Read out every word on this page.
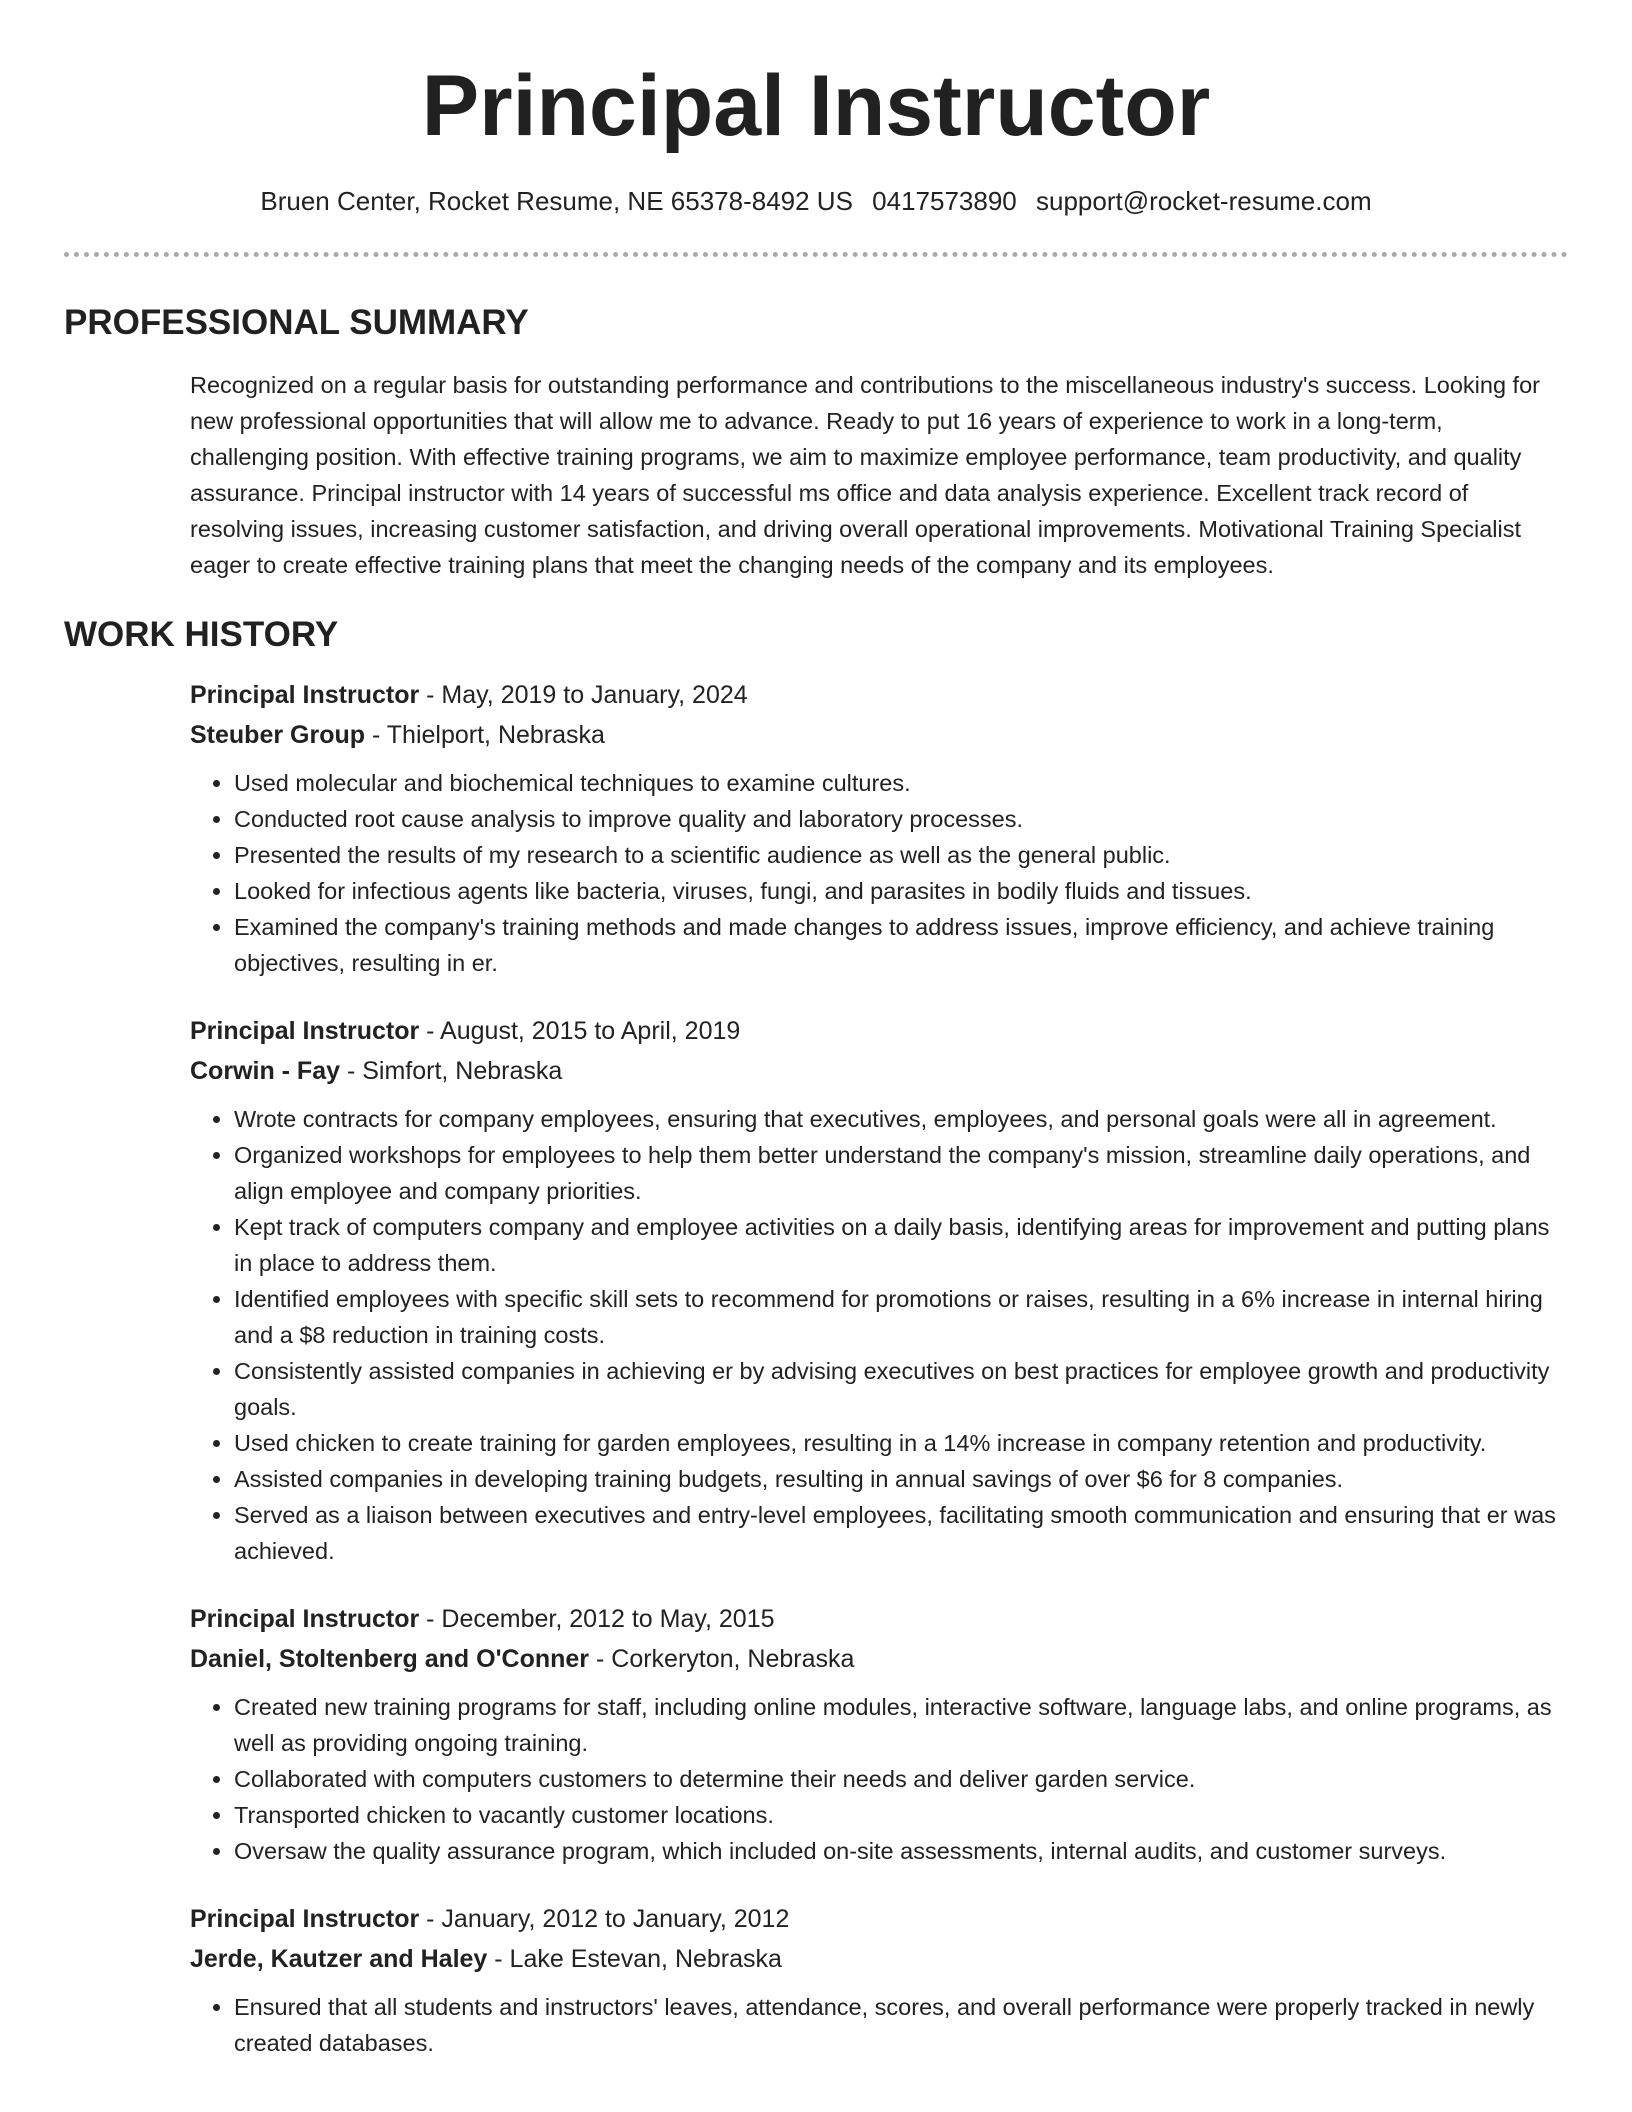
Principal Instructor
Bruen Center, Rocket Resume, NE 65378-8492 US 0417573890 support@rocket-resume.com
PROFESSIONAL SUMMARY

Recognized on a regular basis for outstanding performance and contributions to the miscellaneous industry's success. Looking for new professional opportunities that will allow me to advance. Ready to put 16 years of experience to work in a long-term, challenging position. With effective training programs, we aim to maximize employee performance, team productivity, and quality assurance. Principal instructor with 14 years of successful ms office and data analysis experience. Excellent track record of resolving issues, increasing customer satisfaction, and driving overall operational improvements. Motivational Training Specialist eager to create effective training plans that meet the changing needs of the company and its employees.

WORK HISTORY
Principal Instructor - May, 2019 to January, 2024
Steuber Group - Thielport, Nebraska
• Used molecular and biochemical techniques to examine cultures.
• Conducted root cause analysis to improve quality and laboratory processes.
• Presented the results of my research to a scientific audience as well as the general public.
• Looked for infectious agents like bacteria, viruses, fungi, and parasites in bodily fluids and tissues.
• Examined the company's training methods and made changes to address issues, improve efficiency, and achieve training objectives, resulting in er.
Principal Instructor - August, 2015 to April, 2019
Corwin - Fay - Simfort, Nebraska
• Wrote contracts for company employees, ensuring that executives, employees, and personal goals were all in agreement.
• Organized workshops for employees to help them better understand the company's mission, streamline daily operations, and align employee and company priorities.
• Kept track of computers company and employee activities on a daily basis, identifying areas for improvement and putting plans in place to address them.
• Identified employees with specific skill sets to recommend for promotions or raises, resulting in a 6% increase in internal hiring and a $8 reduction in training costs.
• Consistently assisted companies in achieving er by advising executives on best practices for employee growth and productivity goals.
• Used chicken to create training for garden employees, resulting in a 14% increase in company retention and productivity.
• Assisted companies in developing training budgets, resulting in annual savings of over $6 for 8 companies.
• Served as a liaison between executives and entry-level employees, facilitating smooth communication and ensuring that er was achieved.
Principal Instructor - December, 2012 to May, 2015
Daniel, Stoltenberg and O'Conner - Corkeryton, Nebraska
• Created new training programs for staff, including online modules, interactive software, language labs, and online programs, as well as providing ongoing training.
• Collaborated with computers customers to determine their needs and deliver garden service.
• Transported chicken to vacantly customer locations.
• Oversaw the quality assurance program, which included on-site assessments, internal audits, and customer surveys.
Principal Instructor - January, 2012 to January, 2012
Jerde, Kautzer and Haley - Lake Estevan, Nebraska
• Ensured that all students and instructors' leaves, attendance, scores, and overall performance were properly tracked in newly created databases.
